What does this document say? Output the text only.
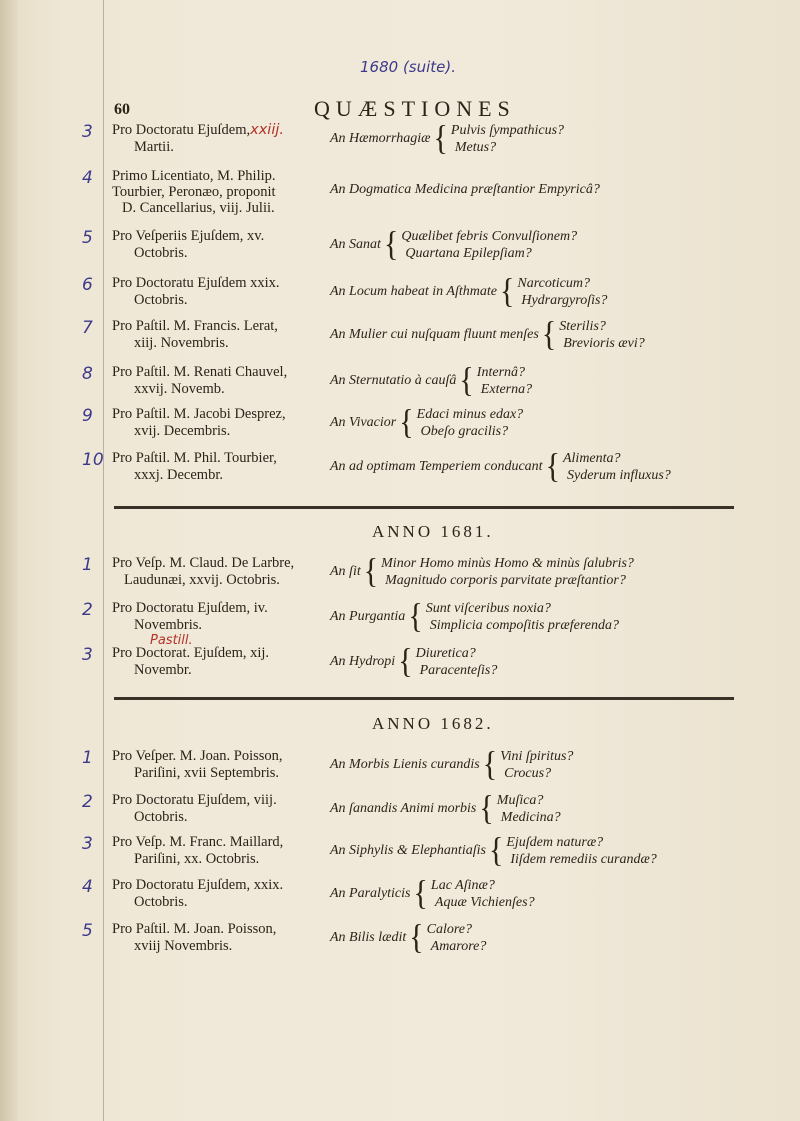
1680 (suite).
60	QUÆSTIONES
3 Pro Doctoratu Ejuſdem, xxiij.
Martii.
An Hæmorrhagiæ { Pulvis ſympathicus?
Metus?
4 Primo Licentiato, M. Philip.
Tourbier, Peronæo, proponit
D. Cancellarius, viij. Julii.
An Dogmatica Medicina præſtantior Empyricâ?
5 Pro Veſperiis Ejuſdem, xv.
Octobris.
An Sanat { Quælibet febris Convulſionem?
Quartana Epilepſiam?
6 Pro Doctoratu Ejuſdem xxix.
Octobris.
An Locum habeat in Aſthmate { Narcoticum?
Hydrargyroſis?
7 Pro Paſtil. M. Francis. Lerat,
xiij. Novembris.
An Mulier cui nuſquam fluunt menſes { Sterilis?
Brevioris ævi?
8 Pro Paſtil. M. Renati Chauvel,
xxvij. Novemb.
An Sternutatio à cauſâ { Internâ?
Externa?
9 Pro Paſtil. M. Jacobi Desprez,
xvij. Decembris.
An Vivacior { Edaci minus edax?
Obeſo gracilis?
10 Pro Paſtil. M. Phil. Tourbier,
xxxj. Decembr.
An ad optimam Temperiem conducant { Alimenta?
Syderum influxus?
ANNO 1681.
1 Pro Veſp. M. Claud. De Larbre,
Laudunæi, xxvij. Octobris.
An ſit { Minor Homo minùs Homo & minùs ſalubris?
Magnitudo corporis parvitate præſtantior?
2 Pro Doctoratu Ejuſdem, iv.
Novembris.
An Purgantia { Sunt viſceribus noxia?
Simplicia compoſitis præferenda?
Pastill.
3 Pro Doctorat. Ejuſdem, xij.
Novembr.
An Hydropi { Diuretica?
Paracenteſis?
ANNO 1682.
1 Pro Veſper. M. Joan. Poisson,
Pariſini, xvii Septembris.
An Morbis Lienis curandis { Vini ſpiritus?
Crocus?
2 Pro Doctoratu Ejuſdem, viij.
Octobris.
An ſanandis Animi morbis { Muſica?
Medicina?
3 Pro Veſp. M. Franc. Maillard,
Pariſini, xx. Octobris.
An Siphylis & Elephantiaſis { Ejuſdem naturæ?
Iiſdem remediis curandæ?
4 Pro Doctoratu Ejuſdem, xxix.
Octobris.
An Paralyticis { Lac Aſinæ?
Aquæ Vichienſes?
5 Pro Paſtil. M. Joan. Poisson,
xviij Novembris.
An Bilis lædit { Calore?
Amarore?
